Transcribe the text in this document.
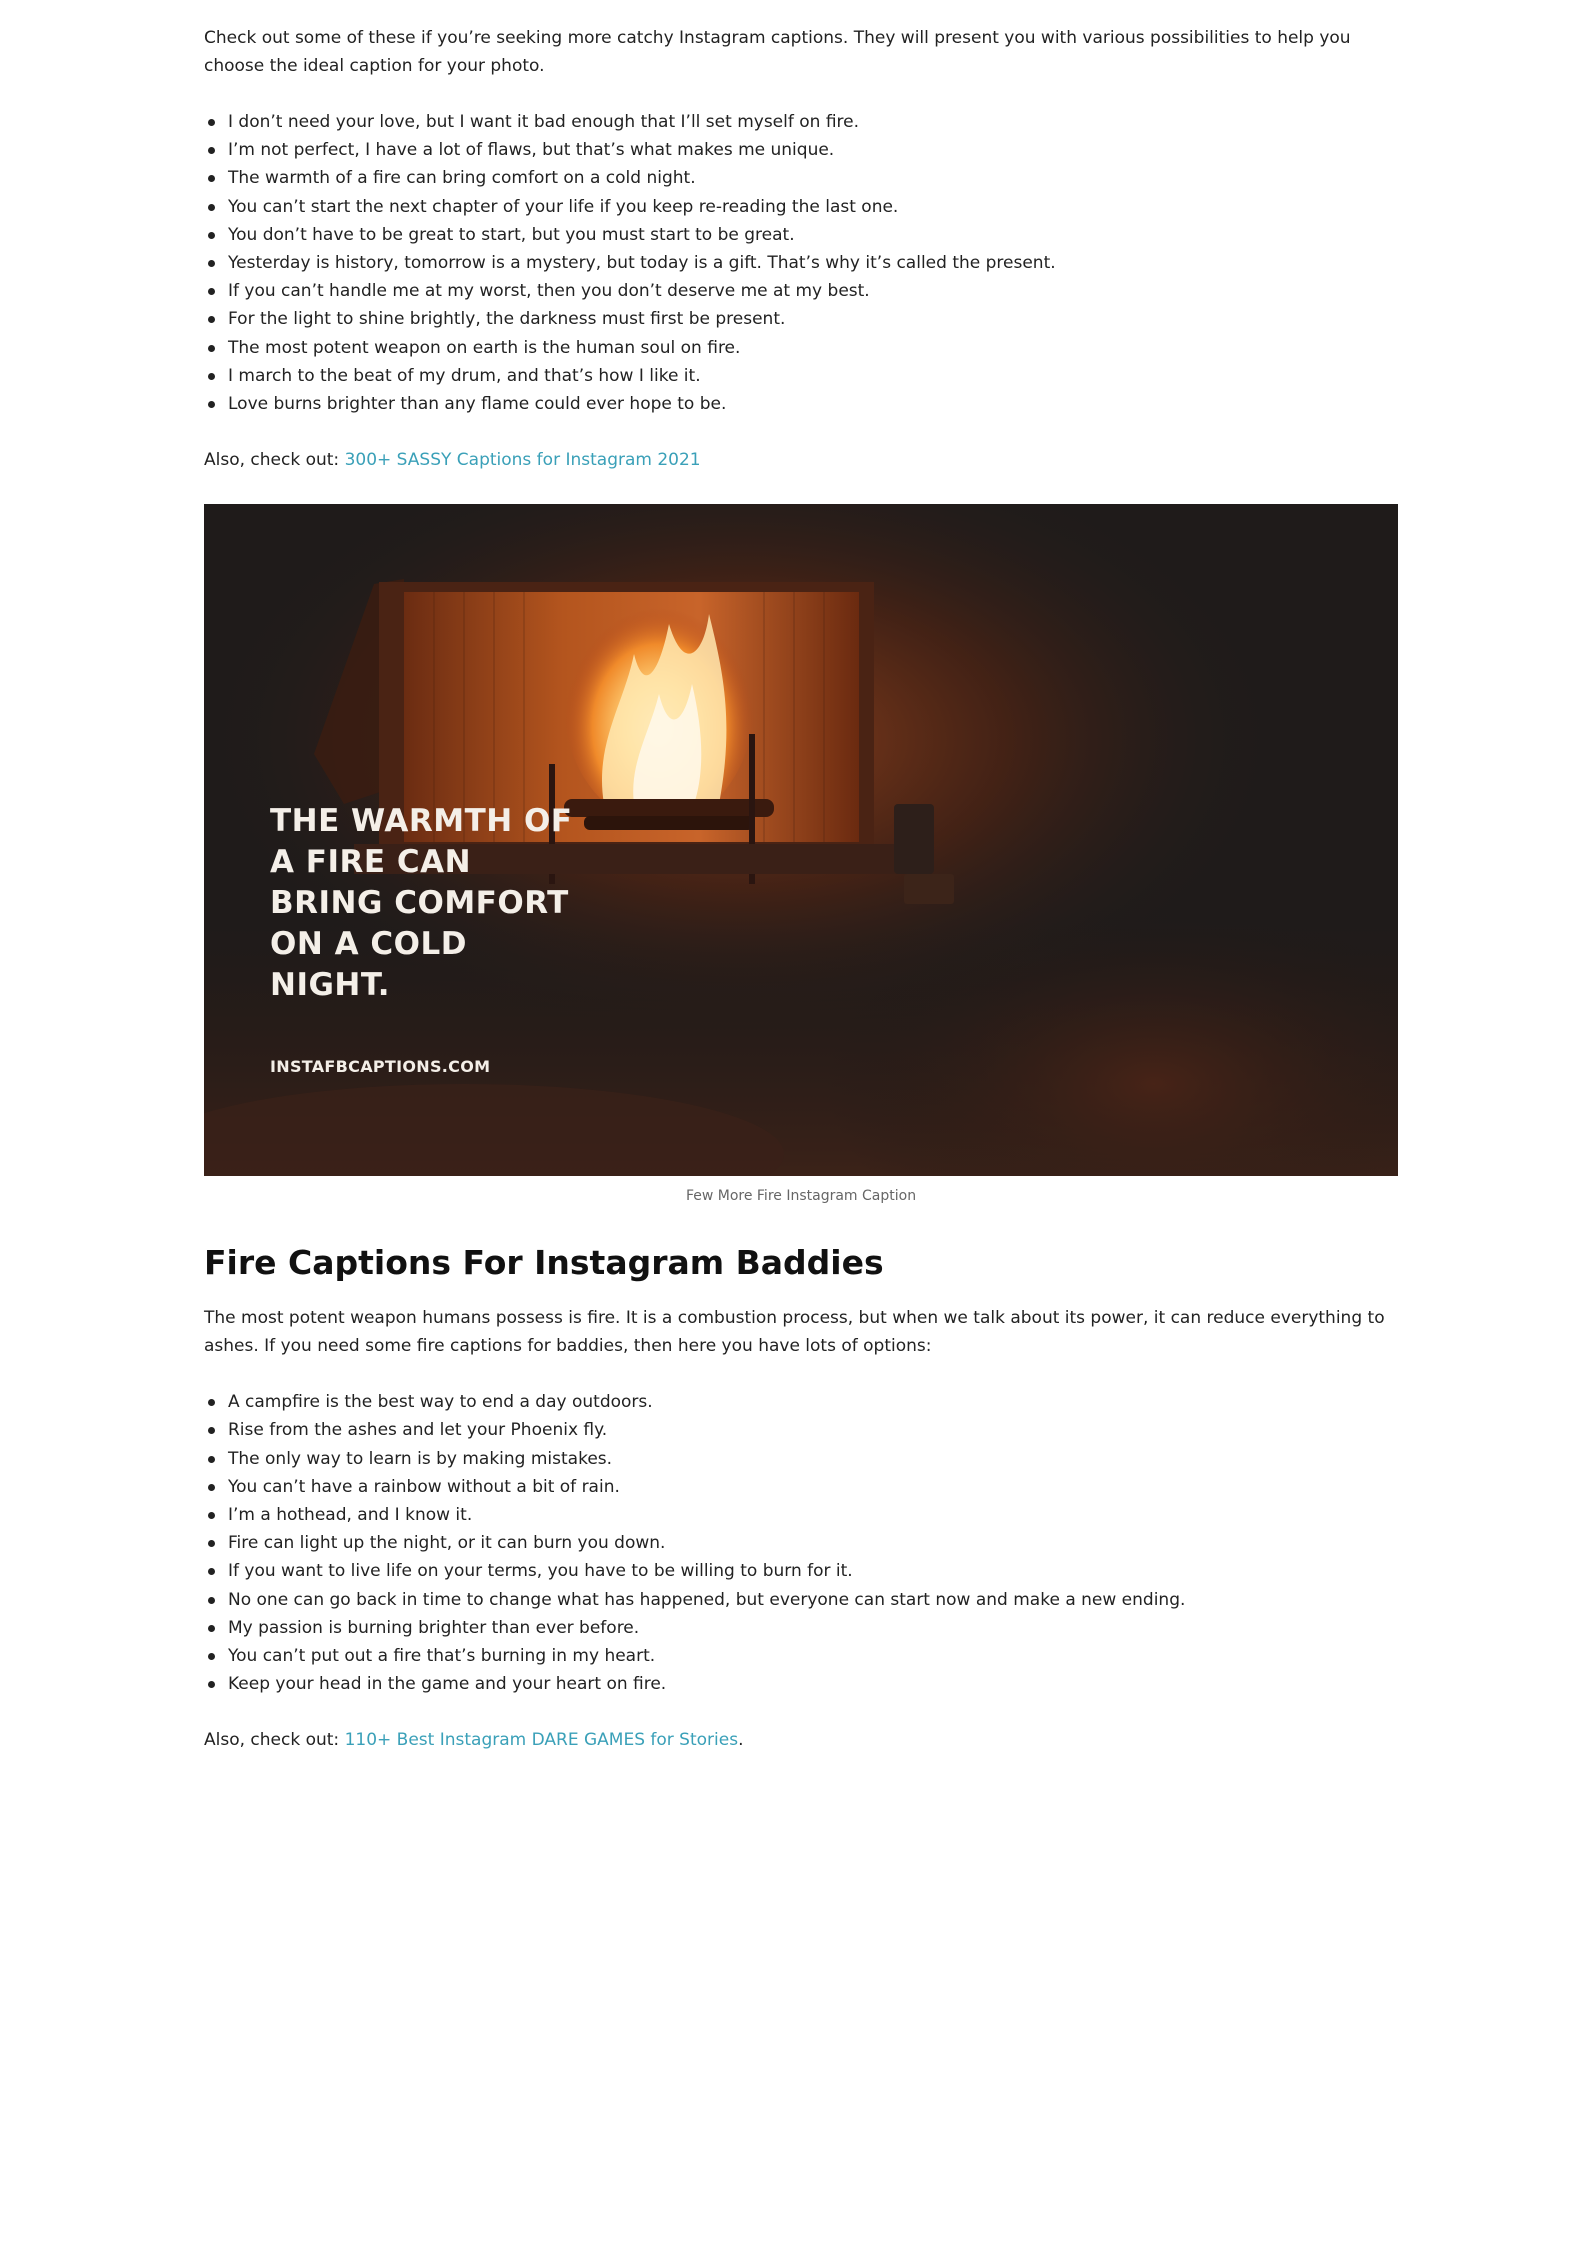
Check out some of these if you’re seeking more catchy Instagram captions. They will present you with various possibilities to help you choose the ideal caption for your photo.

I don’t need your love, but I want it bad enough that I’ll set myself on fire.
I’m not perfect, I have a lot of flaws, but that’s what makes me unique.
The warmth of a fire can bring comfort on a cold night.
You can’t start the next chapter of your life if you keep re-reading the last one.
You don’t have to be great to start, but you must start to be great.
Yesterday is history, tomorrow is a mystery, but today is a gift. That’s why it’s called the present.
If you can’t handle me at my worst, then you don’t deserve me at my best.
For the light to shine brightly, the darkness must first be present.
The most potent weapon on earth is the human soul on fire.
I march to the beat of my drum, and that’s how I like it.
Love burns brighter than any flame could ever hope to be.

Also, check out: 300+ SASSY Captions for Instagram 2021

THE WARMTH OF
A FIRE CAN
BRING COMFORT
ON A COLD
NIGHT.
INSTAFBCAPTIONS.COM
Few More Fire Instagram Caption
Fire Captions For Instagram Baddies

The most potent weapon humans possess is fire. It is a combustion process, but when we talk about its power, it can reduce everything to ashes. If you need some fire captions for baddies, then here you have lots of options:

A campfire is the best way to end a day outdoors.
Rise from the ashes and let your Phoenix fly.
The only way to learn is by making mistakes.
You can’t have a rainbow without a bit of rain.
I’m a hothead, and I know it.
Fire can light up the night, or it can burn you down.
If you want to live life on your terms, you have to be willing to burn for it.
No one can go back in time to change what has happened, but everyone can start now and make a new ending.
My passion is burning brighter than ever before.
You can’t put out a fire that’s burning in my heart.
Keep your head in the game and your heart on fire.

Also, check out: 110+ Best Instagram DARE GAMES for Stories.
